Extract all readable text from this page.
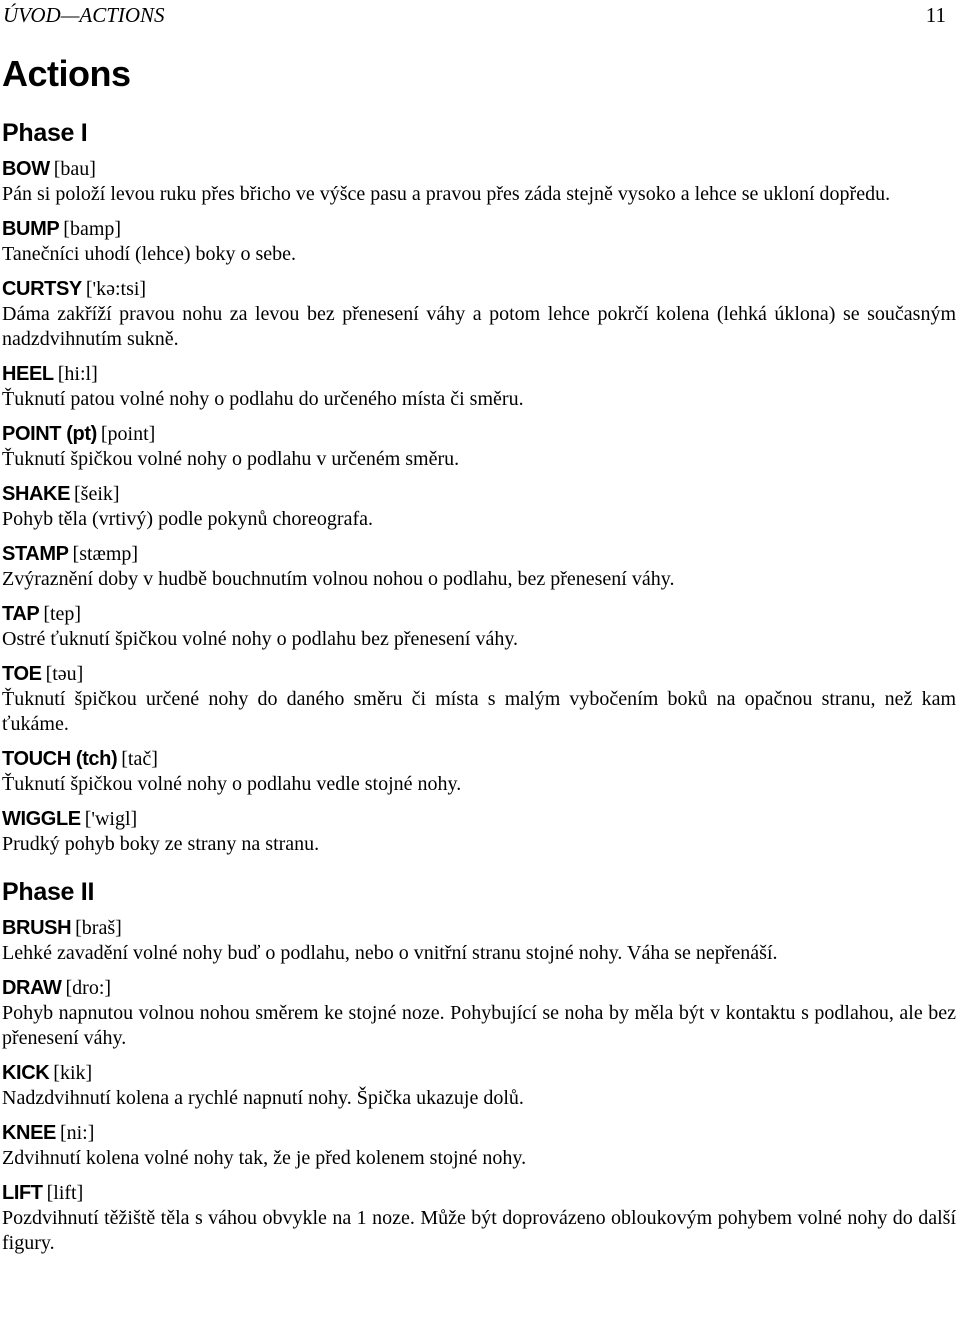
ÚVOD—ACTIONS	11
Actions
Phase I
BOW [bau]

Pán si položí levou ruku přes břicho ve výšce pasu a pravou přes záda stejně vysoko a lehce se ukloní dopředu.

BUMP [bamp]

Tanečníci uhodí (lehce) boky o sebe.

CURTSY ['kə:tsi]

Dáma zakříží pravou nohu za levou bez přenesení váhy a potom lehce pokrčí kolena (lehká úklona) se současným nadzdvihnutím sukně.

HEEL [hi:l]

Ťuknutí patou volné nohy o podlahu do určeného místa či směru.

POINT (pt) [point]

Ťuknutí špičkou volné nohy o podlahu v určeném směru.

SHAKE [šeik]

Pohyb těla (vrtivý) podle pokynů choreografa.

STAMP [stæmp]

Zvýraznění doby v hudbě bouchnutím volnou nohou o podlahu, bez přenesení váhy.

TAP [tep]

Ostré ťuknutí špičkou volné nohy o podlahu bez přenesení váhy.

TOE [təu]

Ťuknutí špičkou určené nohy do daného směru či místa s malým vybočením boků na opačnou stranu, než kam ťukáme.

TOUCH (tch) [tač]

Ťuknutí špičkou volné nohy o podlahu vedle stojné nohy.

WIGGLE ['wigl]

Prudký pohyb boky ze strany na stranu.

Phase II
BRUSH [braš]

Lehké zavadění volné nohy buď o podlahu, nebo o vnitřní stranu stojné nohy. Váha se nepřenáší.

DRAW [dro:]

Pohyb napnutou volnou nohou směrem ke stojné noze. Pohybující se noha by měla být v kontaktu s podlahou, ale bez přenesení váhy.

KICK [kik]

Nadzdvihnutí kolena a rychlé napnutí nohy. Špička ukazuje dolů.

KNEE [ni:]

Zdvihnutí kolena volné nohy tak, že je před kolenem stojné nohy.

LIFT [lift]

Pozdvihnutí těžiště těla s váhou obvykle na 1 noze. Může být doprovázeno obloukovým pohybem volné nohy do další figury.
